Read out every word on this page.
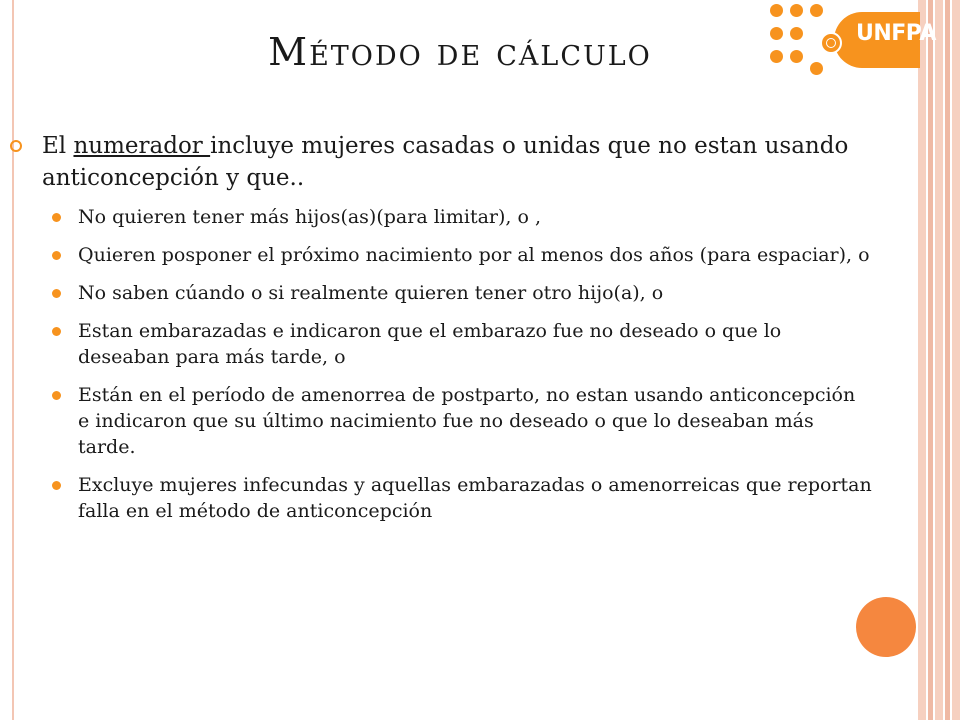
UNFPA
Método de cálculo
El numerador incluye mujeres casadas o unidas que no estan usando anticoncepción y que..
No quieren tener más hijos(as)(para limitar), o ,
Quieren posponer el próximo nacimiento por al menos dos años (para espaciar), o
No saben cúando o si realmente quieren tener otro hijo(a), o
Estan embarazadas e indicaron que el embarazo fue no deseado o que lo deseaban para más tarde, o
Están en el período de amenorrea de postparto, no estan usando anticoncepción e indicaron que su último nacimiento fue no deseado o que lo deseaban más tarde.
Excluye mujeres infecundas y aquellas embarazadas o amenorreicas que reportan falla en el método de anticoncepción
